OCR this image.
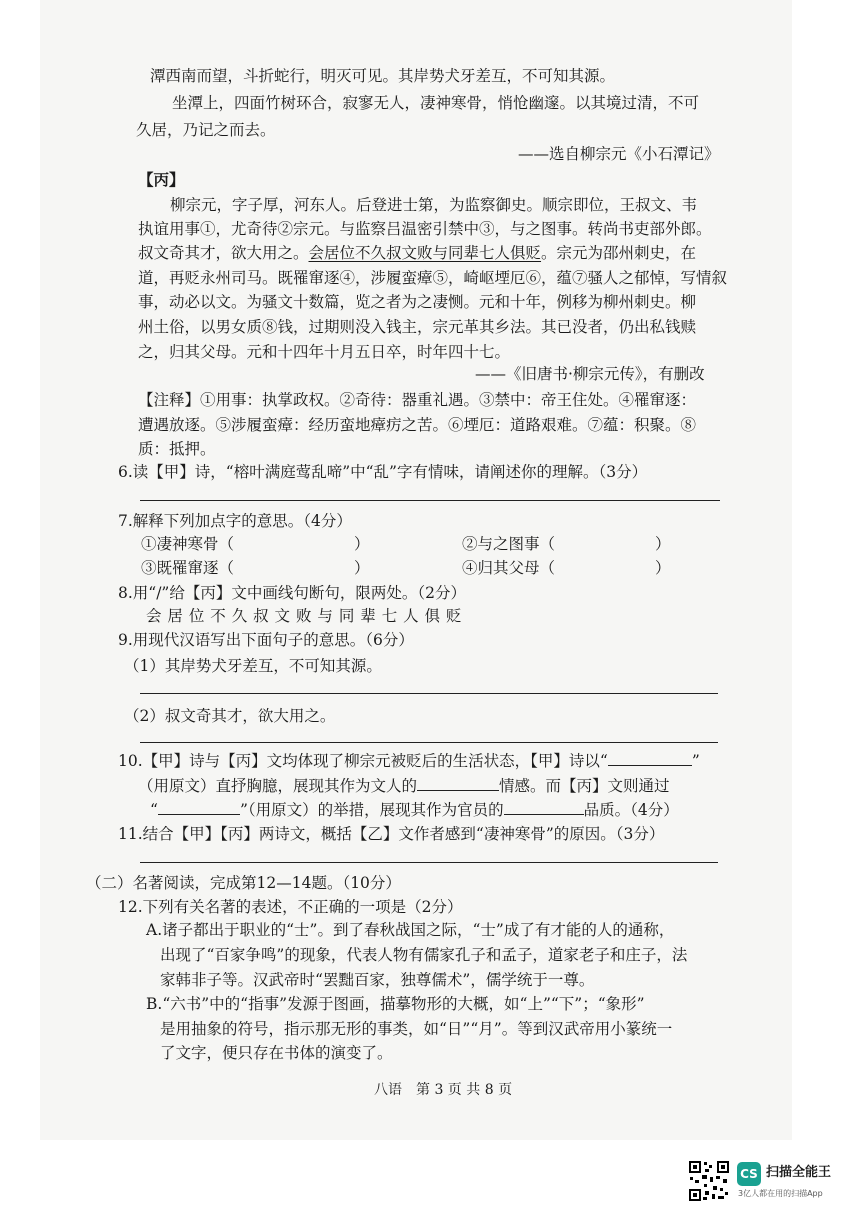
潭西南而望，斗折蛇行，明灭可见。其岸势犬牙差互，不可知其源。
坐潭上，四面竹树环合，寂寥无人，凄神寒骨，悄怆幽邃。以其境过清，不可
久居，乃记之而去。
——选自柳宗元《小石潭记》
【丙】
柳宗元，字子厚，河东人。后登进士第，为监察御史。顺宗即位，王叔文、韦
执谊用事①，尤奇待②宗元。与监察吕温密引禁中③，与之图事。转尚书吏部外郎。
叔文奇其才，欲大用之。会居位不久叔文败与同辈七人俱贬。宗元为邵州刺史，在
道，再贬永州司马。既罹窜逐④，涉履蛮瘴⑤，崎岖堙厄⑥，蕴⑦骚人之郁悼，写情叙
事，动必以文。为骚文十数篇，览之者为之凄恻。元和十年，例移为柳州刺史。柳
州土俗，以男女质⑧钱，过期则没入钱主，宗元革其乡法。其已没者，仍出私钱赎
之，归其父母。元和十四年十月五日卒，时年四十七。
——《旧唐书·柳宗元传》，有删改
【注释】①用事：执掌政权。②奇待：器重礼遇。③禁中：帝王住处。④罹窜逐：
遭遇放逐。⑤涉履蛮瘴：经历蛮地瘴疠之苦。⑥堙厄：道路艰难。⑦蕴：积聚。⑧
质：抵押。
6.读【甲】诗，“榕叶满庭莺乱啼”中“乱”字有情味，请阐述你的理解。（3分）
7.解释下列加点字的意思。（4分）
①凄神寒骨（	）	②与之图事（	）
③既罹窜逐（	）	④归其父母（	）
8.用“/”给【丙】文中画线句断句，限两处。（2分）
会 居 位 不 久 叔 文 败 与 同 辈 七 人 俱 贬
9.用现代汉语写出下面句子的意思。（6分）
（1）其岸势犬牙差互，不可知其源。
（2）叔文奇其才，欲大用之。
10.【甲】诗与【丙】文均体现了柳宗元被贬后的生活状态，【甲】诗以“	”
（用原文）直抒胸臆，展现其作为文人的	情感。而【丙】文则通过
“	”（用原文）的举措，展现其作为官员的	品质。（4分）
11.结合【甲】【丙】两诗文，概括【乙】文作者感到“凄神寒骨”的原因。（3分）
（二）名著阅读，完成第12—14题。（10分）
12.下列有关名著的表述，不正确的一项是（2分）
A.诸子都出于职业的“士”。到了春秋战国之际，“士”成了有才能的人的通称，
出现了“百家争鸣”的现象，代表人物有儒家孔子和孟子，道家老子和庄子，法
家韩非子等。汉武帝时“罢黜百家，独尊儒术”，儒学统于一尊。
B.“六书”中的“指事”发源于图画，描摹物形的大概，如“上”“下”；“象形”
是用抽象的符号，指示那无形的事类，如“日”“月”。等到汉武帝用小篆统一
了文字，便只存在书体的演变了。
八语　第 3 页 共 8 页
CS 扫描全能王
3亿人都在用的扫描App
